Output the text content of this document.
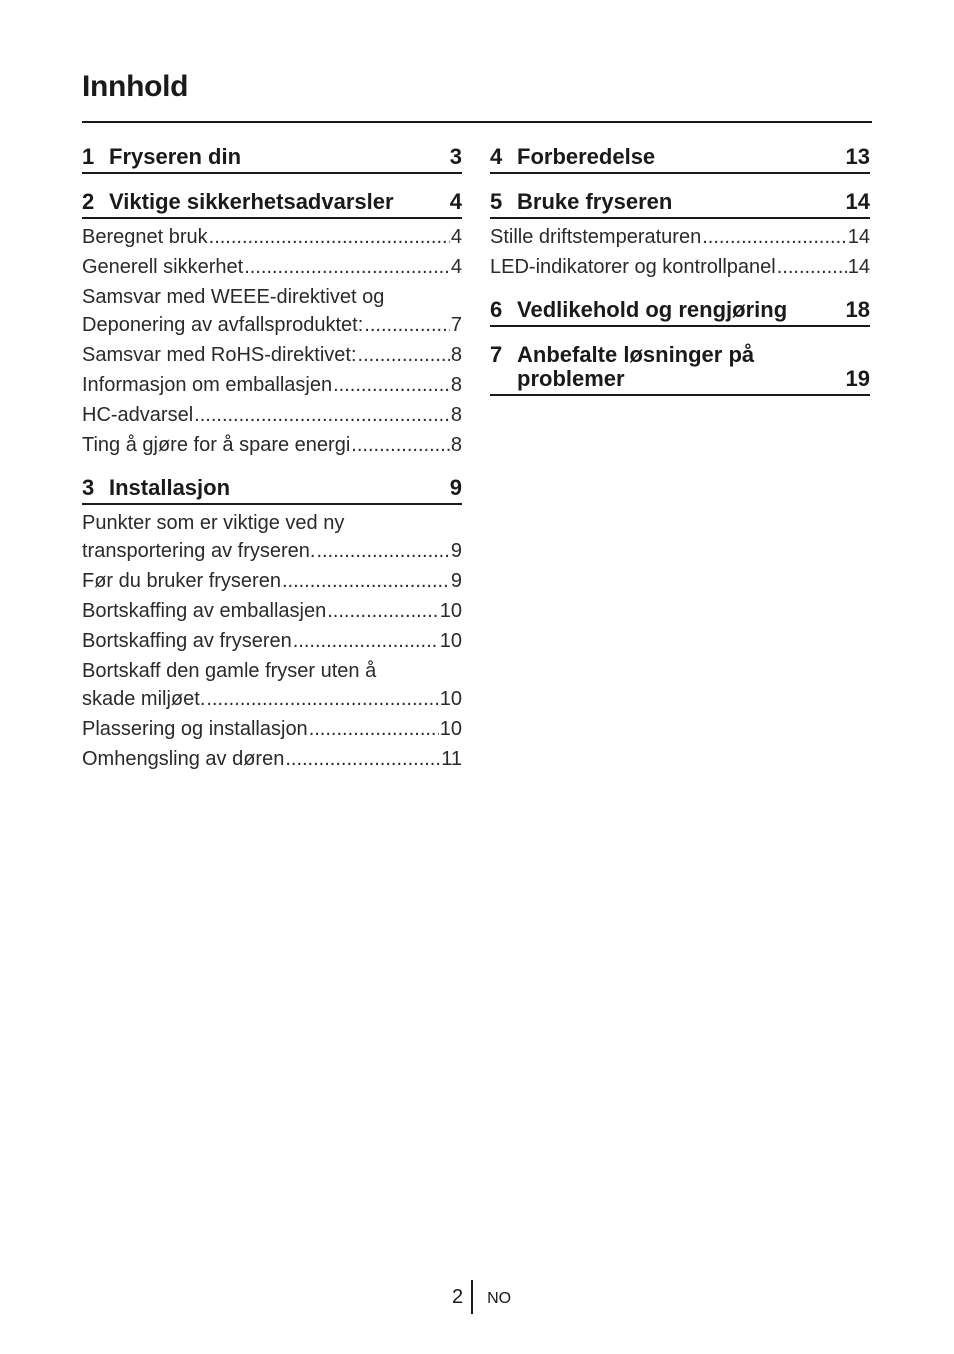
Innhold
1 Fryseren din	3
2 Viktige sikkerhetsadvarsler	4
Beregnet bruk .....	4
Generell sikkerhet .....	4
Samsvar med WEEE-direktivet og
Deponering av avfallsproduktet: .....	7
Samsvar med RoHS-direktivet: .....	8
Informasjon om emballasjen .....	8
HC-advarsel .....	8
Ting å gjøre for å spare energi .....	8
3 Installasjon	9
Punkter som er viktige ved ny
transportering av fryseren. .....	9
Før du bruker fryseren .....	9
Bortskaffing av emballasjen .....	10
Bortskaffing av fryseren .....	10
Bortskaff den gamle fryser uten å
skade miljøet. .....	10
Plassering og installasjon .....	10
Omhengsling av døren .....	11
4 Forberedelse	13
5 Bruke fryseren	14
Stille driftstemperaturen .....	14
LED-indikatorer og kontrollpanel .....	14
6 Vedlikehold og rengjøring	18
7 Anbefalte løsninger på problemer	19
2 NO
